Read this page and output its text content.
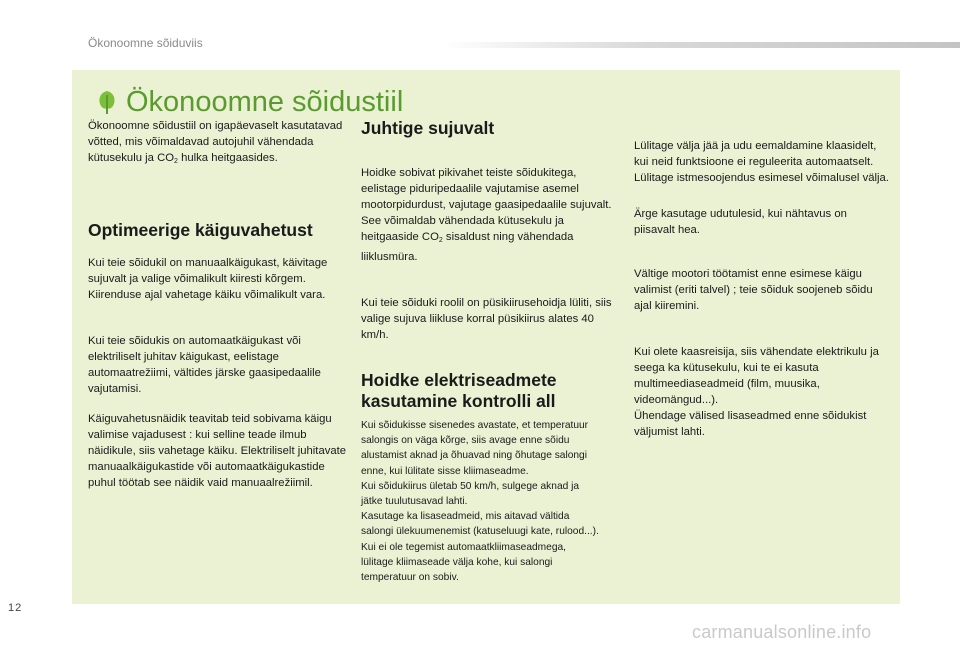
Ökonoomne sõiduviis
Ökonoomne sõidustiil

Ökonoomne sõidustiil on igapäevaselt kasutatavad võtted, mis võimaldavad autojuhil vähendada kütusekulu ja $CO_2$ hulka heitgaasides.

Optimeerige käiguvahetust

Kui teie sõidukil on manuaalkäigukast, käivitage sujuvalt ja valige võimalikult kiiresti kõrgem. Kiirenduse ajal vahetage käiku võimalikult vara.

Kui teie sõidukis on automaatkäigukast või elektriliselt juhitav käigukast, eelistage automaatrežiimi, vältides järske gaasipedaalile vajutamisi.

Käiguvahetusnäidik teavitab teid sobivama käigu valimise vajadusest : kui selline teade ilmub näidikule, siis vahetage käiku. Elektriliselt juhitavate manuaalkäigukastide või automaatkäigukastide puhul töötab see näidik vaid manuaalrežiimil.

Juhtige sujuvalt

Hoidke sobivat pikivahet teiste sõidukitega, eelistage piduripedaalile vajutamise asemel mootorpidurdust, vajutage gaasipedaalile sujuvalt. See võimaldab vähendada kütusekulu ja heitgaaside $CO_2$ sisaldust ning vähendada liiklusmüra.

Kui teie sõiduki roolil on püsikiirusehoidja lüliti, siis valige sujuva liikluse korral püsikiirus alates 40 km/h.

Hoidke elektriseadmete
kasutamine kontrolli all

Kui sõidukisse sisenedes avastate, et temperatuur
salongis on väga kõrge, siis avage enne sõidu
alustamist aknad ja õhuavad ning õhutage salongi
enne, kui lülitate sisse kliimaseadme.
Kui sõidukiirus ületab 50 km/h, sulgege aknad ja
jätke tuulutusavad lahti.
Kasutage ka lisaseadmeid, mis aitavad vältida
salongi ülekuumenemist (katuseluugi kate, rulood...).
Kui ei ole tegemist automaatkliimaseadmega,
lülitage kliimaseade välja kohe, kui salongi
temperatuur on sobiv.

Lülitage välja jää ja udu eemaldamine klaasidelt, kui neid funktsioone ei reguleerita automaatselt.

Lülitage istmesoojendus esimesel võimalusel välja.

Ärge kasutage udutulesid, kui nähtavus on piisavalt hea.

Vältige mootori töötamist enne esimese käigu valimist (eriti talvel) ; teie sõiduk soojeneb sõidu ajal kiiremini.

Kui olete kaasreisija, siis vähendate elektrikulu ja seega ka kütusekulu, kui te ei kasuta multimeediaseadmeid (film, muusika, videomängud...).

Ühendage välised lisaseadmed enne sõidukist väljumist lahti.

12
carmanualsonline.info
